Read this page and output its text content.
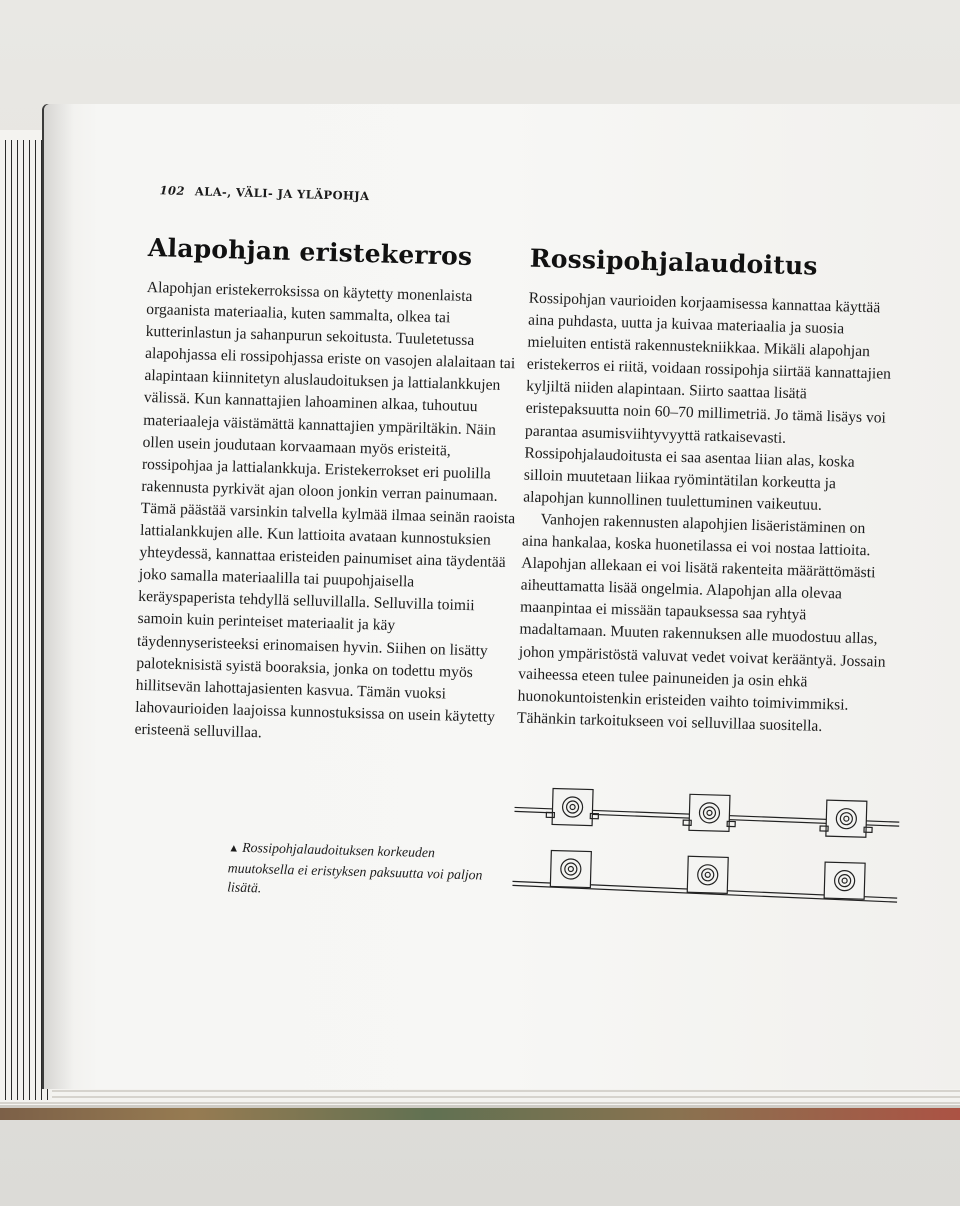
102 ALA-, VÄLI- JA YLÄPOHJA
Alapohjan eristekerros

Alapohjan eristekerroksissa on käytetty monenlaista orgaanista materiaalia, kuten sammalta, olkea tai kutterinlastun ja sahanpurun sekoitusta. Tuuletetussa alapohjassa eli rossipohjassa eriste on vasojen alalaitaan tai alapintaan kiinnitetyn aluslaudoituksen ja lattialankkujen välissä. Kun kannattajien lahoaminen alkaa, tuhoutuu materiaaleja väistämättä kannattajien ympäriltäkin. Näin ollen usein joudutaan korvaamaan myös eristeitä, rossipohjaa ja lattialankkuja. Eristekerrokset eri puolilla rakennusta pyrkivät ajan oloon jonkin verran painumaan. Tämä päästää varsinkin talvella kylmää ilmaa seinän raoista lattialankkujen alle. Kun lattioita avataan kunnostuksien yhteydessä, kannattaa eristeiden painumiset aina täydentää joko samalla materiaalilla tai puupohjaisella keräyspaperista tehdyllä selluvillalla. Selluvilla toimii samoin kuin perinteiset materiaalit ja käy täydennyseristeeksi erinomaisen hyvin. Siihen on lisätty paloteknisistä syistä booraksia, jonka on todettu myös hillitsevän lahottajasienten kasvua. Tämän vuoksi lahovaurioiden laajoissa kunnostuksissa on usein käytetty eristeenä selluvillaa.

Rossipohjalaudoitus

Rossipohjan vaurioiden korjaamisessa kannattaa käyttää aina puhdasta, uutta ja kuivaa materiaalia ja suosia mieluiten entistä rakennustekniikkaa. Mikäli alapohjan eristekerros ei riitä, voidaan rossipohja siirtää kannattajien kyljiltä niiden alapintaan. Siirto saattaa lisätä eristepaksuutta noin 60–70 millimetriä. Jo tämä lisäys voi parantaa asumisviihtyvyyttä ratkaisevasti. Rossipohjalaudoitusta ei saa asentaa liian alas, koska silloin muutetaan liikaa ryömintätilan korkeutta ja alapohjan kunnollinen tuulettuminen vaikeutuu.

Vanhojen rakennusten alapohjien lisäeristäminen on aina hankalaa, koska huonetilassa ei voi nostaa lattioita. Alapohjan allekaan ei voi lisätä rakenteita määrättömästi aiheuttamatta lisää ongelmia. Alapohjan alla olevaa maanpintaa ei missään tapauksessa saa ryhtyä madaltamaan. Muuten rakennuksen alle muodostuu allas, johon ympäristöstä valuvat vedet voivat kerääntyä. Jossain vaiheessa eteen tulee painuneiden ja osin ehkä huonokuntoistenkin eristeiden vaihto toimivimmiksi. Tähänkin tarkoitukseen voi selluvillaa suositella.

▲ Rossipohjalaudoituksen korkeuden muutoksella ei eristyksen paksuutta voi paljon lisätä.
